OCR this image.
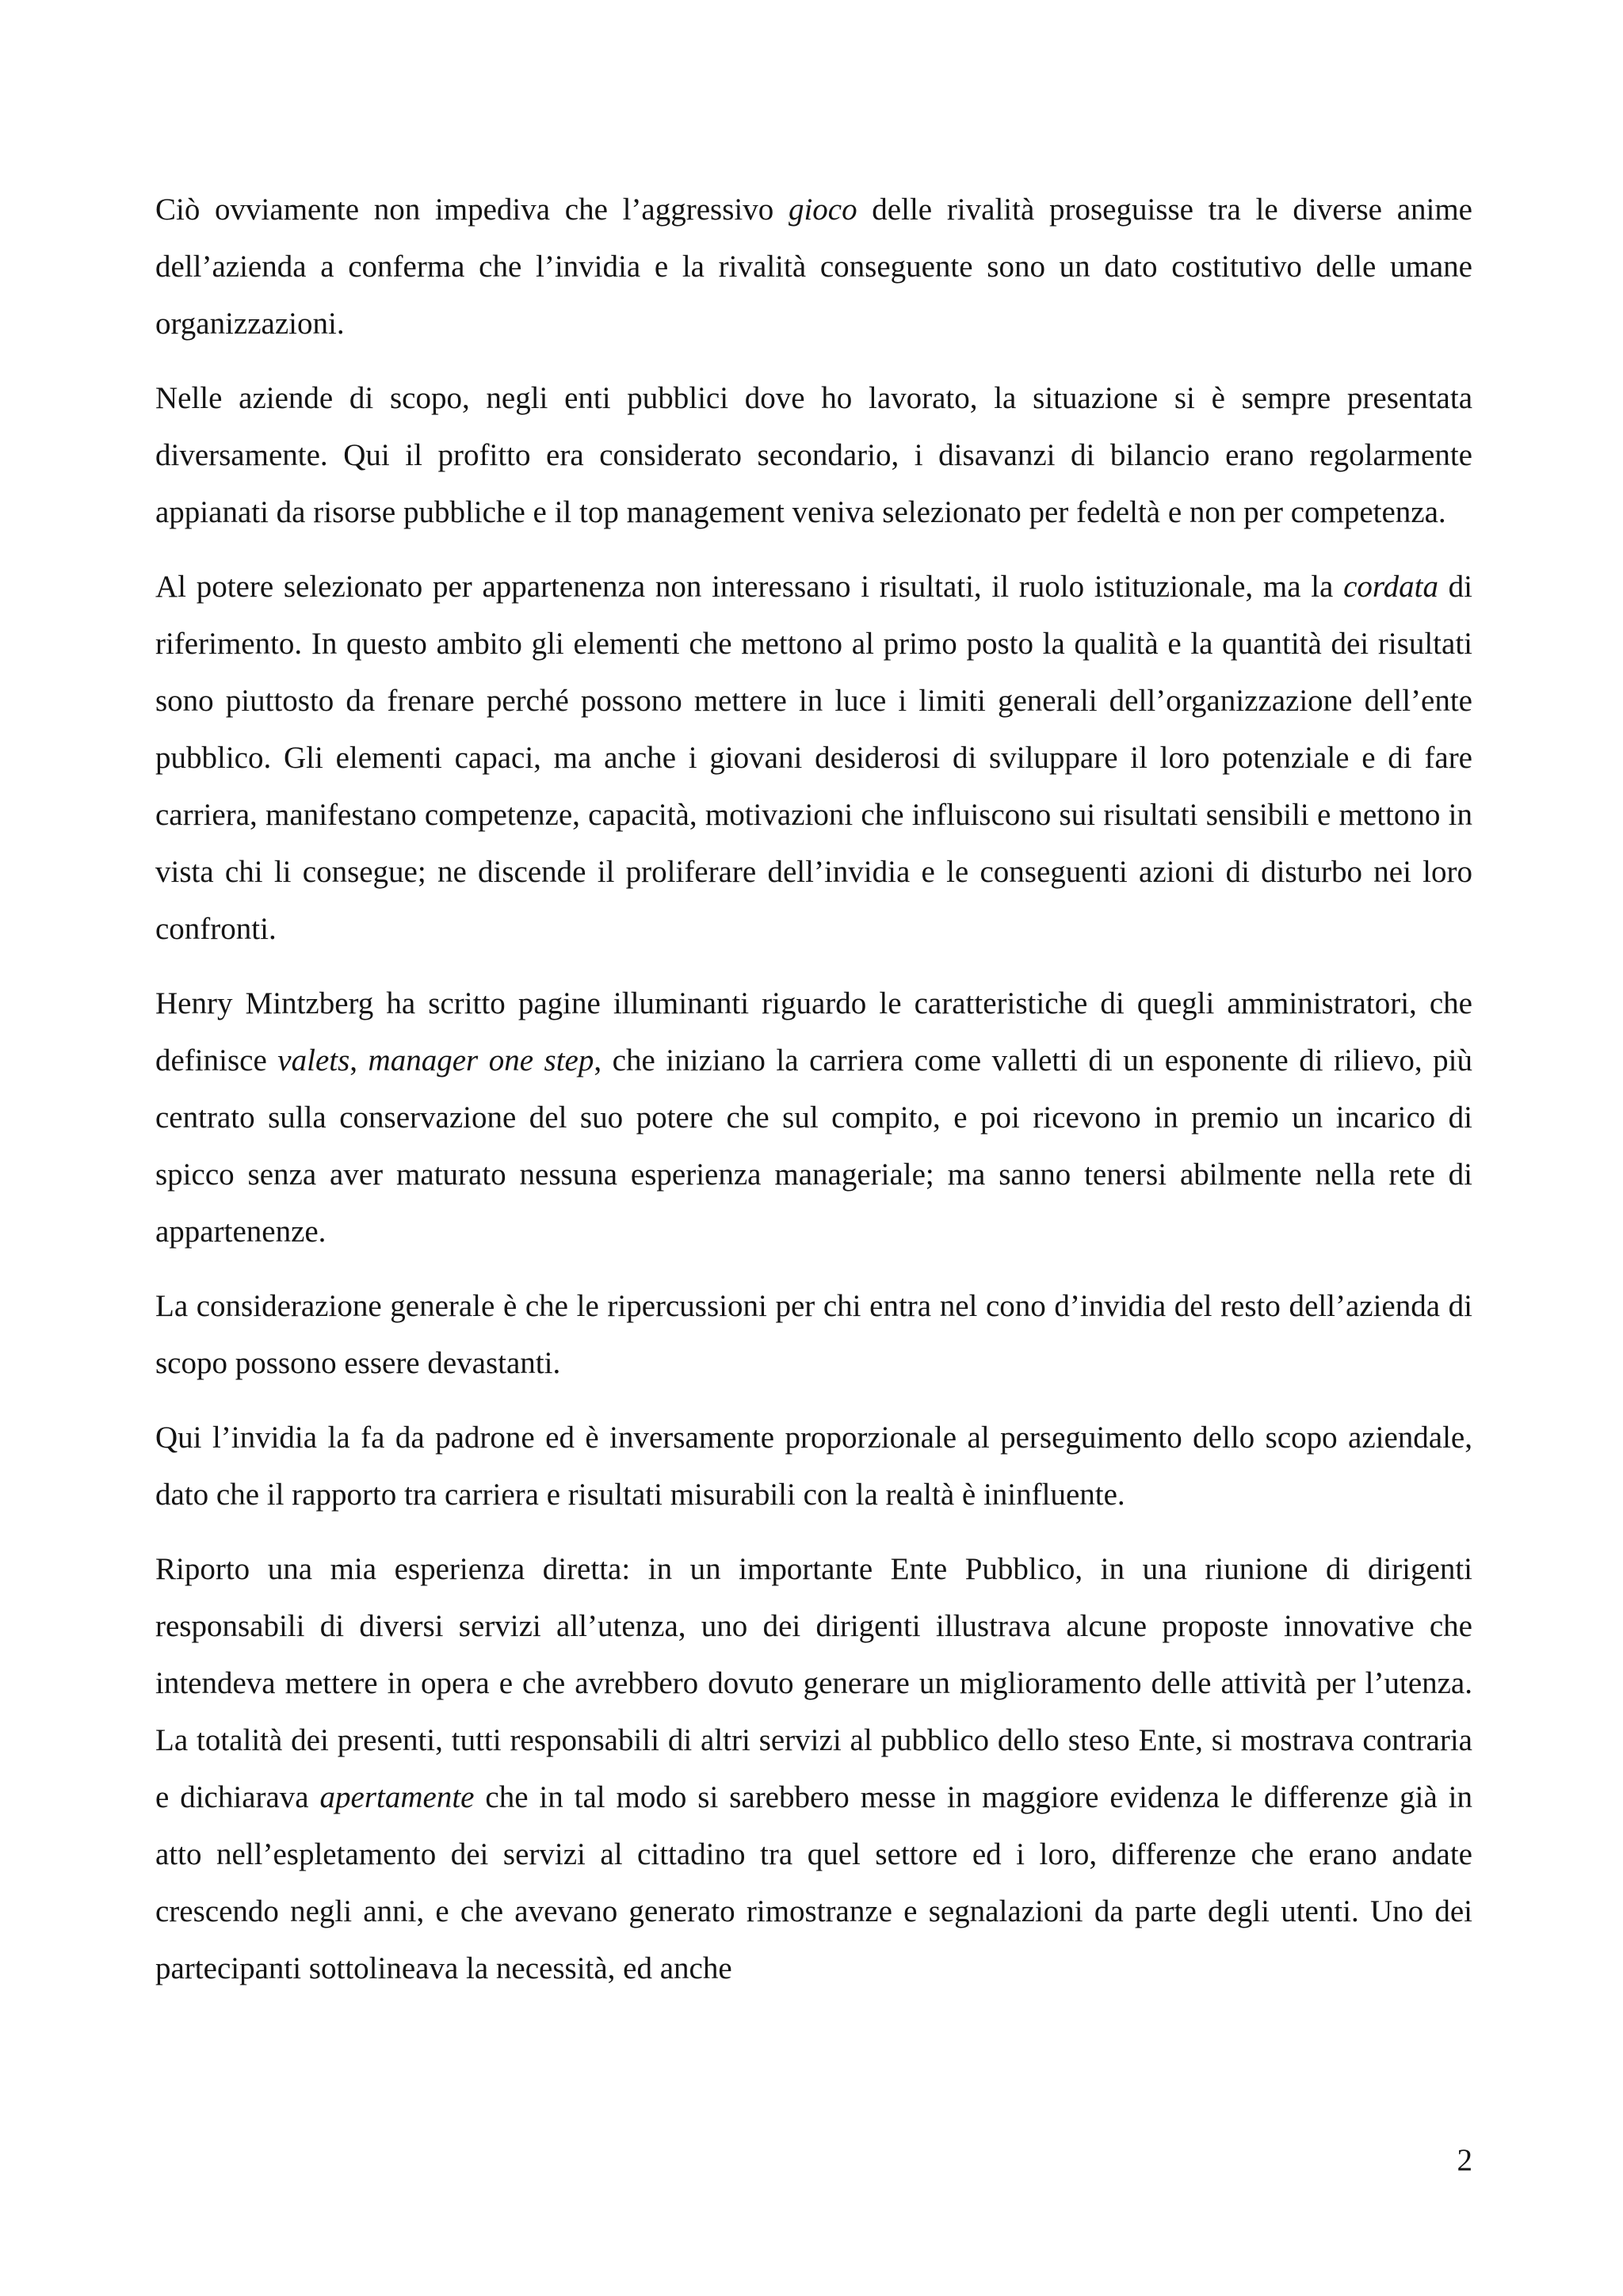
Ciò ovviamente non impediva che l’aggressivo gioco delle rivalità proseguisse tra le diverse anime dell’azienda a conferma che l’invidia e la rivalità conseguente sono un dato costitutivo delle umane organizzazioni.

Nelle aziende di scopo, negli enti pubblici dove ho lavorato, la situazione si è sempre presentata diversamente. Qui il profitto era considerato secondario, i disavanzi di bilancio erano regolarmente appianati da risorse pubbliche e il top management veniva selezionato per fedeltà e non per competenza.

Al potere selezionato per appartenenza non interessano i risultati, il ruolo istituzionale, ma la cordata di riferimento. In questo ambito gli elementi che mettono al primo posto la qualità e la quantità dei risultati sono piuttosto da frenare perché possono mettere in luce i limiti generali dell’organizzazione dell’ente pubblico. Gli elementi capaci, ma anche i giovani desiderosi di sviluppare il loro potenziale e di fare carriera, manifestano competenze, capacità, motivazioni che influiscono sui risultati sensibili e mettono in vista chi li consegue; ne discende il proliferare dell’invidia e le conseguenti azioni di disturbo nei loro confronti.

Henry Mintzberg ha scritto pagine illuminanti riguardo le caratteristiche di quegli amministratori, che definisce valets, manager one step, che iniziano la carriera come valletti di un esponente di rilievo, più centrato sulla conservazione del suo potere che sul compito, e poi ricevono in premio un incarico di spicco senza aver maturato nessuna esperienza manageriale; ma sanno tenersi abilmente nella rete di appartenenze.

La considerazione generale è che le ripercussioni per chi entra nel cono d’invidia del resto dell’azienda di scopo possono essere devastanti.

Qui l’invidia la fa da padrone ed è inversamente proporzionale al perseguimento dello scopo aziendale, dato che il rapporto tra carriera e risultati misurabili con la realtà è ininfluente.

Riporto una mia esperienza diretta: in un importante Ente Pubblico, in una riunione di dirigenti responsabili di diversi servizi all’utenza, uno dei dirigenti illustrava alcune proposte innovative che intendeva mettere in opera e che avrebbero dovuto generare un miglioramento delle attività per l’utenza. La totalità dei presenti, tutti responsabili di altri servizi al pubblico dello steso Ente, si mostrava contraria e dichiarava apertamente che in tal modo si sarebbero messe in maggiore evidenza le differenze già in atto nell’espletamento dei servizi al cittadino tra quel settore ed i loro, differenze che erano andate crescendo negli anni, e che avevano generato rimostranze e segnalazioni da parte degli utenti. Uno dei partecipanti sottolineava la necessità, ed anche

2
